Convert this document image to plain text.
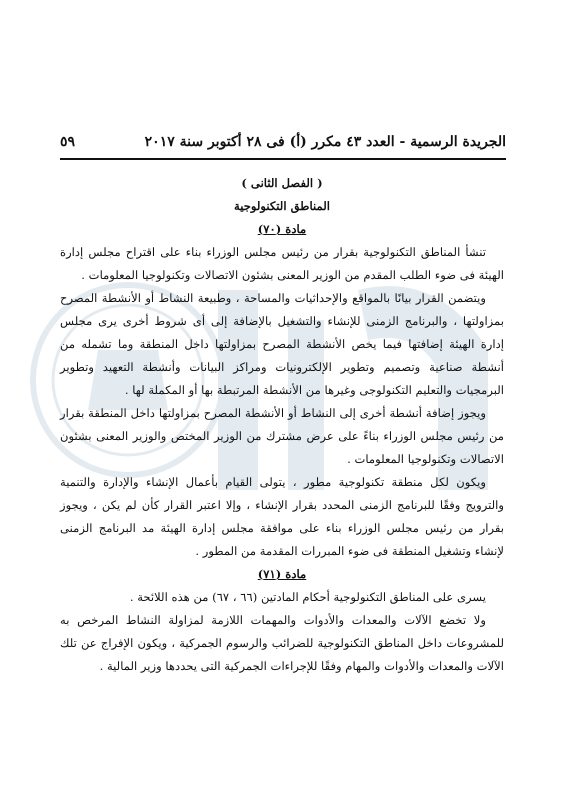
الجريدة الرسمية - العدد ٤٣ مكرر (أ) فى ٢٨ أكتوبر سنة ٢٠١٧
٥٩

( الفصل الثانى )

المناطق التكنولوجية

مادة (٧٠)

تنشأ المناطق التكنولوجية بقرار من رئيس مجلس الوزراء بناء على اقتراح مجلس إدارة الهيئة فى ضوء الطلب المقدم من الوزير المعنى بشئون الاتصالات وتكنولوجيا المعلومات .

ويتضمن القرار بيانًا بالمواقع والإحداثيات والمساحة ، وطبيعة النشاط أو الأنشطة المصرح بمزاولتها ، والبرنامج الزمنى للإنشاء والتشغيل بالإضافة إلى أى شروط أخرى يرى مجلس إدارة الهيئة إضافتها فيما يخص الأنشطة المصرح بمزاولتها داخل المنطقة وما تشمله من أنشطة صناعية وتصميم وتطوير الإلكترونيات ومراكز البيانات وأنشطة التعهيد وتطوير البرمجيات والتعليم التكنولوجى وغيرها من الأنشطة المرتبطة بها أو المكملة لها .

ويجوز إضافة أنشطة أخرى إلى النشاط أو الأنشطة المصرح بمزاولتها داخل المنطقة بقرار من رئيس مجلس الوزراء بناءً على عرض مشترك من الوزير المختص والوزير المعنى بشئون الاتصالات وتكنولوجيا المعلومات .

ويكون لكل منطقة تكنولوجية مطور ، يتولى القيام بأعمال الإنشاء والإدارة والتنمية والترويج وفقًا للبرنامج الزمنى المحدد بقرار الإنشاء ، وإلا اعتبر القرار كأن لم يكن ، ويجوز بقرار من رئيس مجلس الوزراء بناء على موافقة مجلس إدارة الهيئة مد البرنامج الزمنى لإنشاء وتشغيل المنطقة فى ضوء المبررات المقدمة من المطور .

مادة (٧١)

يسرى على المناطق التكنولوجية أحكام المادتين (٦٦ ، ٦٧) من هذه اللائحة .

ولا تخضع الآلات والمعدات والأدوات والمهمات اللازمة لمزاولة النشاط المرخص به للمشروعات داخل المناطق التكنولوجية للضرائب والرسوم الجمركية ، ويكون الإفراج عن تلك الآلات والمعدات والأدوات والمهام وفقًا للإجراءات الجمركية التى يحددها وزير المالية .
